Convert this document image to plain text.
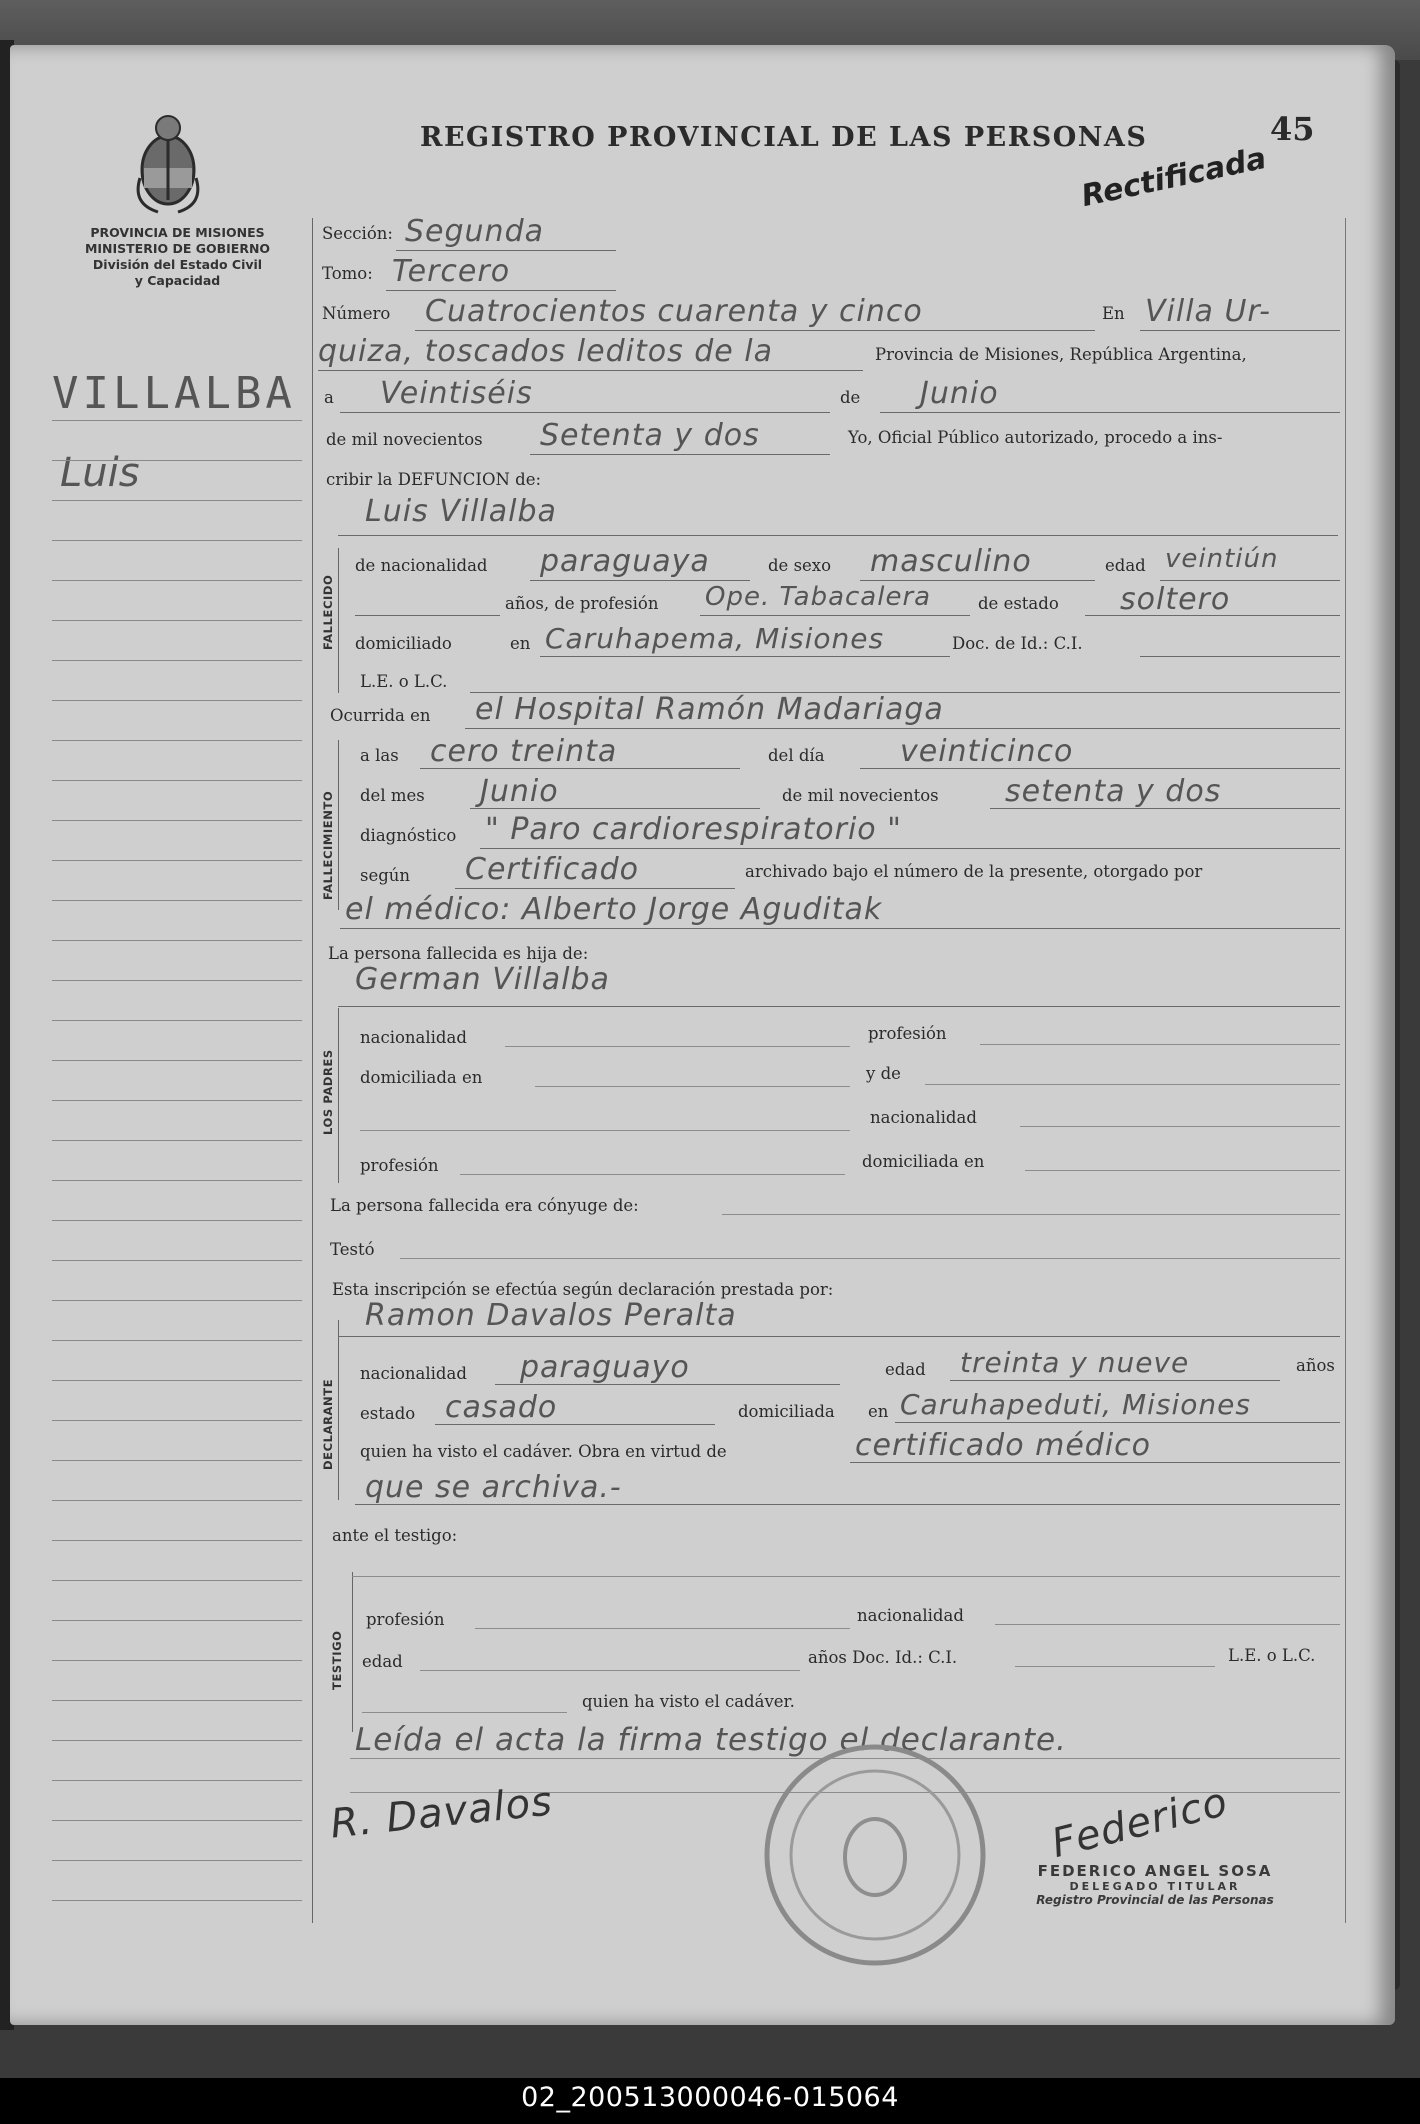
PROVINCIA DE MISIONES
MINISTERIO DE GOBIERNO
División del Estado Civil
y Capacidad
REGISTRO PROVINCIAL DE LAS PERSONAS	45
Rectificada
VILLALBA
Luis
Sección: Segunda
Tomo: Tercero
Número Cuatrocientos cuarenta y cinco	En Villa Ur-
quiza, toscados leditos de la	Provincia de Misiones, República Argentina,
a Veintiséis	de Junio
de mil novecientos Setenta y dos	Yo, Oficial Público autorizado, procedo a ins-
cribir la DEFUNCION de:
FALLECIDO
Luis Villalba
de nacionalidad paraguaya	de sexo masculino	edad veintiún
años, de profesión Ope. Tabacalera	de estado soltero
domiciliado	en Caruhapema, Misiones	Doc. de Id.: C.I.
L.E. o L.C.
Ocurrida en el Hospital Ramón Madariaga
FALLECIMIENTO
a las cero treinta	del día	veinticinco
del mes Junio	de mil novecientos setenta y dos
diagnóstico " Paro cardiorespiratorio "
según Certificado	archivado bajo el número de la presente, otorgado por
el médico: Alberto Jorge Aguditak
La persona fallecida es hija de:
LOS PADRES
German Villalba
nacionalidad	profesión
domiciliada en	y de
nacionalidad
profesión	domiciliada en
La persona fallecida era cónyuge de:
Testó
Esta inscripción se efectúa según declaración prestada por:
DECLARANTE
Ramon Davalos Peralta
nacionalidad paraguayo	edad treinta y nueve	años
estado casado	domiciliada en Caruhapeduti, Misiones
quien ha visto el cadáver. Obra en virtud de	certificado médico
que se archiva.-
ante el testigo:
TESTIGO
profesión	nacionalidad
edad	años Doc. Id.: C.I.	L.E. o L.C.
quien ha visto el cadáver.
Leída el acta la firma testigo el declarante.
R. Davalos	Federico
FEDERICO ANGEL SOSA
DELEGADO TITULAR
Registro Provincial de las Personas
02_200513000046-015064
